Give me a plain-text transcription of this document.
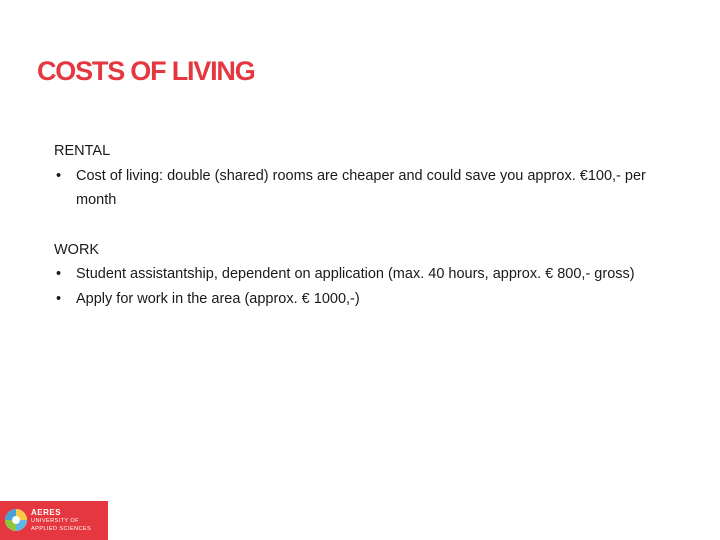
COSTS OF LIVING

RENTAL

• Cost of living: double (shared) rooms are cheaper and could save you approx. €100,- per month

WORK

• Student assistantship, dependent on application (max. 40 hours, approx. € 800,- gross)
• Apply for work in the area (approx. € 1000,-)
AERES
UNIVERSITY OF
APPLIED SCIENCES
